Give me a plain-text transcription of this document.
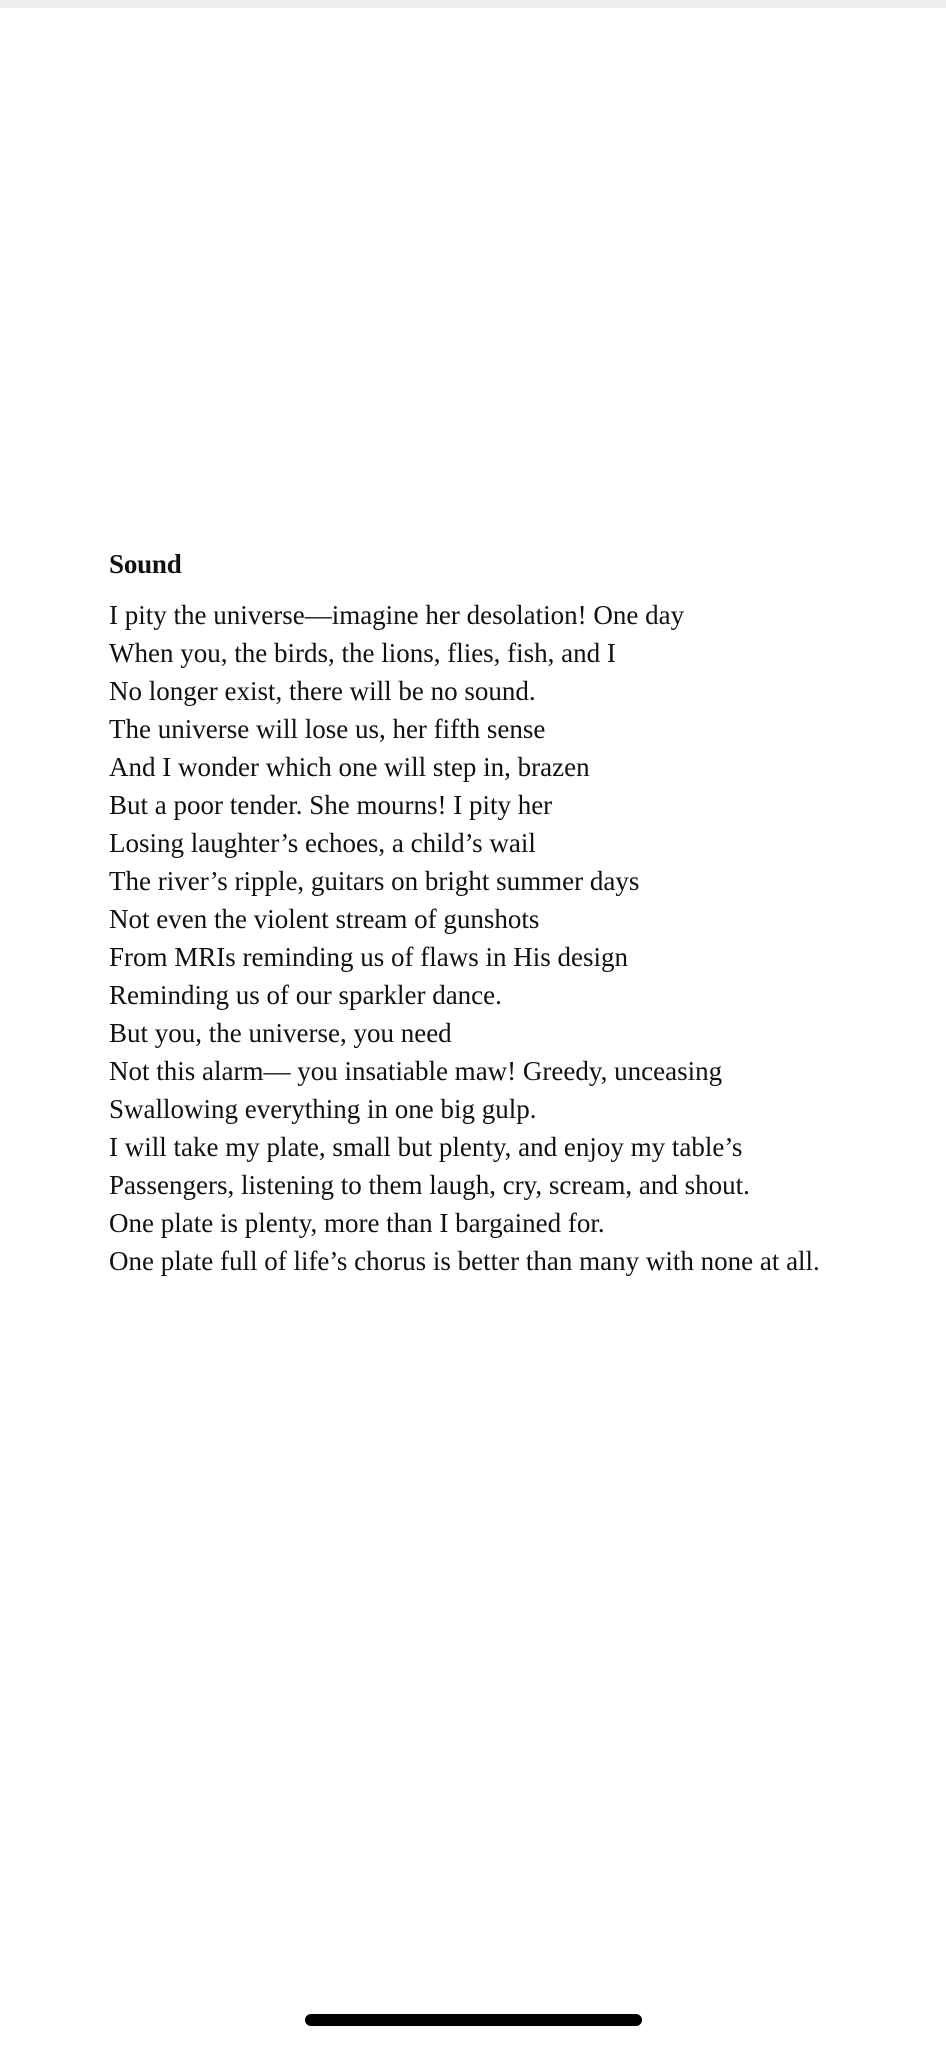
Sound
I pity the universe—imagine her desolation! One day
When you, the birds, the lions, flies, fish, and I
No longer exist, there will be no sound.
The universe will lose us, her fifth sense
And I wonder which one will step in, brazen
But a poor tender. She mourns! I pity her
Losing laughter’s echoes, a child’s wail
The river’s ripple, guitars on bright summer days
Not even the violent stream of gunshots
From MRIs reminding us of flaws in His design
Reminding us of our sparkler dance.
But you, the universe, you need
Not this alarm— you insatiable maw! Greedy, unceasing
Swallowing everything in one big gulp.
I will take my plate, small but plenty, and enjoy my table’s
Passengers, listening to them laugh, cry, scream, and shout.
One plate is plenty, more than I bargained for.
One plate full of life’s chorus is better than many with none at all.
